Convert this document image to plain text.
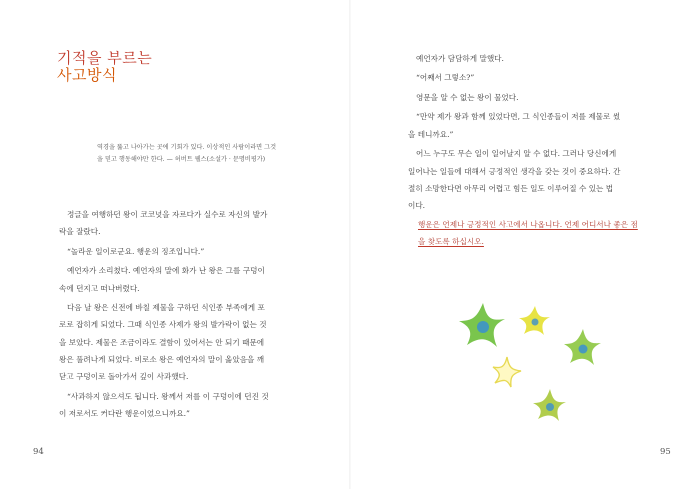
기적을 부르는
사고방식
역경을 뚫고 나아가는 곳에 기회가 있다. 이상적인 사람이라면 그것
을 믿고 행동해야만 한다. — 허버트 웰스(소설가 · 문명비평가)
정글을 여행하던 왕이 코코넛을 자르다가 실수로 자신의 발가
락을 잘랐다.
“놀라운 일이로군요. 행운의 징조입니다.”
예언자가 소리쳤다. 예언자의 말에 화가 난 왕은 그를 구덩이
속에 던지고 떠나버렸다.
다음 날 왕은 신전에 바칠 제물을 구하던 식인종 부족에게 포
로로 잡히게 되었다. 그때 식인종 사제가 왕의 발가락이 없는 것
을 보았다. 제물은 조금이라도 결함이 있어서는 안 되기 때문에
왕은 풀려나게 되었다. 비로소 왕은 예언자의 말이 옳았음을 깨
닫고 구덩이로 돌아가서 깊이 사과했다.
“사과하지 않으셔도 됩니다. 왕께서 저를 이 구덩이에 던진 것
이 저로서도 커다란 행운이었으니까요.”
94
예언자가 담담하게 말했다.
“어째서 그렇소?”
영문을 알 수 없는 왕이 물었다.
“만약 제가 왕과 함께 있었다면, 그 식인종들이 저를 제물로 썼
을 테니까요.”
어느 누구도 무슨 일이 일어날지 알 수 없다. 그러나 당신에게
일어나는 일들에 대해서 긍정적인 생각을 갖는 것이 중요하다. 간
절히 소망한다면 아무리 어렵고 힘든 일도 이루어질 수 있는 법
이다.
행운은 언제나 긍정적인 사고에서 나옵니다. 언제 어디서나 좋은 점
을 찾도록 하십시오.
95
